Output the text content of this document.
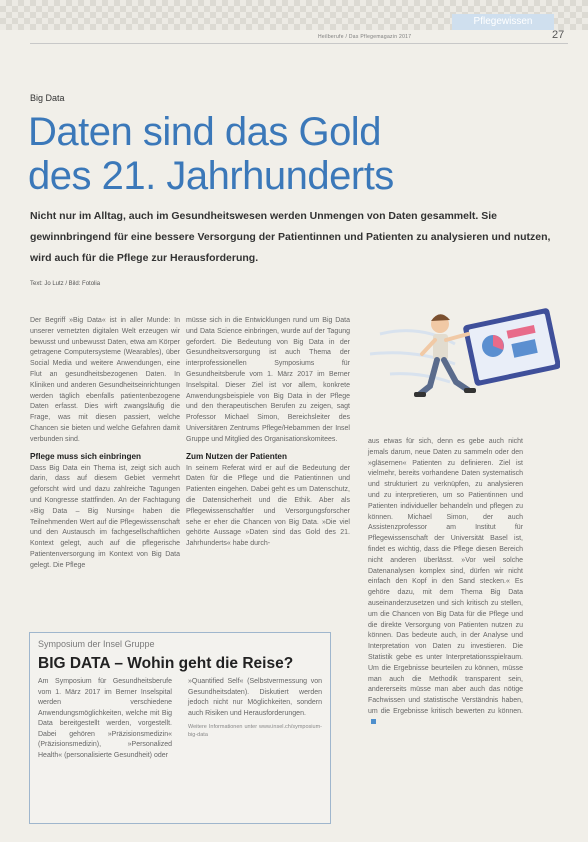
Pflegewissen
Heilberufe / Das Pflegemagazin 2017	27
Big Data
Daten sind das Gold
des 21. Jahrhunderts

Nicht nur im Alltag, auch im Gesundheitswesen werden Unmengen von Daten gesammelt. Sie gewinnbringend für eine bessere Versorgung der Patientinnen und Patienten zu analysieren und nutzen, wird auch für die Pflege zur Herausforderung.

Text: Jo Lutz / Bild: Fotolia

Der Begriff »Big Data« ist in aller Munde: In unserer vernetzten digitalen Welt erzeugen wir bewusst und unbewusst Daten, etwa am Körper getragene Computersysteme (Wearables), über Social Media und weitere Anwendungen, eine Flut an gesundheitsbezogenen Daten. In Kliniken und anderen Gesundheitseinrichtungen werden täglich ebenfalls patientenbezogene Daten erfasst. Dies wirft zwangsläufig die Frage, was mit diesen passiert, welche Chancen sie bieten und welche Gefahren damit verbunden sind.

Pflege muss sich einbringen

Dass Big Data ein Thema ist, zeigt sich auch darin, dass auf diesem Gebiet vermehrt geforscht wird und dazu zahlreiche Tagungen und Kongresse stattfinden. An der Fachtagung »Big Data – Big Nursing« haben die Teilnehmenden Wert auf die Pflegewissenschaft und den Austausch im fachgesellschaftlichen Kontext gelegt, auch auf die pflegerische Patientenversorgung im Kontext von Big Data gelegt. Die Pflege

müsse sich in die Entwicklungen rund um Big Data und Data Science einbringen, wurde auf der Tagung gefordert. Die Bedeutung von Big Data in der Gesundheitsversorgung ist auch Thema der interprofessionellen Symposiums für Gesundheitsberufe vom 1. März 2017 im Berner Inselspital. Dieser Ziel ist vor allem, konkrete Anwendungsbeispiele von Big Data in der Pflege und den therapeutischen Berufen zu zeigen, sagt Professor Michael Simon, Bereichsleiter des Universitären Zentrums Pflege/Hebammen der Insel Gruppe und Mitglied des Organisationskomitees.

Zum Nutzen der Patienten

In seinem Referat wird er auf die Bedeutung der Daten für die Pflege und die Patientinnen und Patienten eingehen. Dabei geht es um Datenschutz, die Datensicherheit und die Ethik. Aber als Pflegewissenschaftler und Versorgungsforscher sehe er eher die Chancen von Big Data. »Die viel gehörte Aussage »Daten sind das Gold des 21. Jahrhunderts« habe durch-

aus etwas für sich, denn es gebe auch nicht jemals darum, neue Daten zu sammeln oder den »gläsernen« Patienten zu definieren. Ziel ist vielmehr, bereits vorhandene Daten systematisch und strukturiert zu verknüpfen, zu analysieren und zu interpretieren, um so Patientinnen und Patienten individueller behandeln und pflegen zu können. Michael Simon, der auch Assistenzprofessor am Institut für Pflegewissenschaft der Universität Basel ist, findet es wichtig, dass die Pflege diesen Bereich nicht anderen überlässt. »Vor weil solche Datenanalysen komplex sind, dürfen wir nicht einfach den Kopf in den Sand stecken.« Es gehöre dazu, mit dem Thema Big Data auseinanderzusetzen und sich kritisch zu stellen, um die Chancen von Big Data für die Pflege und die direkte Versorgung von Patienten nutzen zu können. Das bedeute auch, in der Analyse und Interpretation von Daten zu investieren. Die Statistik gebe es unter Interpretationsspielraum. Um die Ergebnisse beurteilen zu können, müsse man auch die Methodik transparent sein, andererseits müsse man aber auch das nötige Fachwissen und statistische Verständnis haben, um die Ergebnisse kritisch bewerten zu können.

Symposium der Insel Gruppe
BIG DATA – Wohin geht die Reise?

Am Symposium für Gesundheitsberufe vom 1. März 2017 im Berner Inselspital werden verschiedene Anwendungsmöglichkeiten, welche mit Big Data bereitgestellt werden, vorgestellt. Dabei gehören »Präzisionsmedizin« (Präzisionsmedizin), »Personalized Health« (personalisierte Gesundheit) oder

»Quantified Self« (Selbstvermessung von Gesundheitsdaten). Diskutiert werden jedoch nicht nur Möglichkeiten, sondern auch Risiken und Herausforderungen.

Weitere Informationen unter www.insel.ch/symposium-big-data
